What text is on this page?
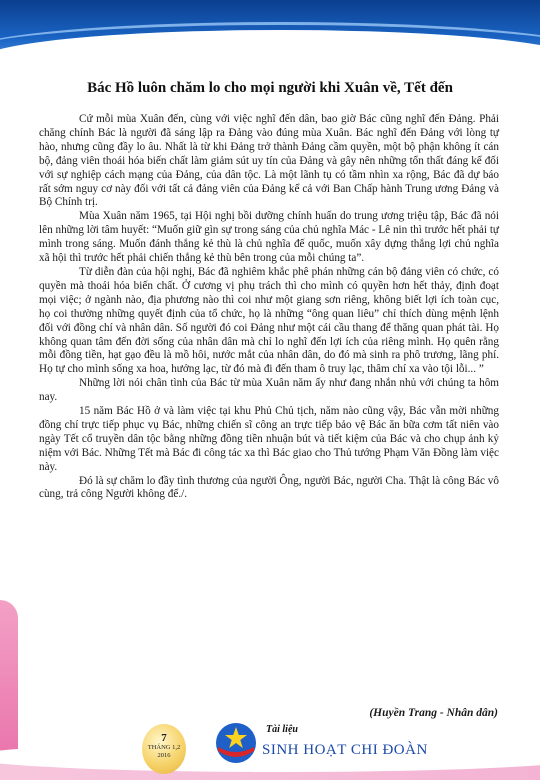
TRUYỀN THỐNG
Bác Hồ luôn chăm lo cho mọi người khi Xuân về, Tết đến

Cứ mỗi mùa Xuân đến, cùng với việc nghĩ đến dân, bao giờ Bác cũng nghĩ đến Đảng. Phải chăng chính Bác là người đã sáng lập ra Đảng vào đúng mùa Xuân. Bác nghĩ đến Đảng với lòng tự hào, nhưng cũng đầy lo âu. Nhất là từ khi Đảng trở thành Đảng cầm quyền, một bộ phận không ít cán bộ, đảng viên thoái hóa biến chất làm giảm sút uy tín của Đảng và gây nên những tổn thất đáng kể đối với sự nghiệp cách mạng của Đảng, của dân tộc. Là một lãnh tụ có tầm nhìn xa rộng, Bác đã dự báo rất sớm nguy cơ này đối với tất cả đảng viên của Đảng kể cả với Ban Chấp hành Trung ương Đảng và Bộ Chính trị.

Mùa Xuân năm 1965, tại Hội nghị bồi dưỡng chính huấn do trung ương triệu tập, Bác đã nói lên những lời tâm huyết: “Muốn giữ gìn sự trong sáng của chủ nghĩa Mác - Lê nin thì trước hết phải tự mình trong sáng. Muốn đánh thắng kẻ thù là chủ nghĩa đế quốc, muốn xây dựng thắng lợi chủ nghĩa xã hội thì trước hết phải chiến thắng kẻ thù bên trong của mỗi chúng ta”.

Từ diễn đàn của hội nghị, Bác đã nghiêm khắc phê phán những cán bộ đảng viên có chức, có quyền mà thoái hóa biến chất. Ở cương vị phụ trách thì cho mình có quyền hơn hết thảy, định đoạt mọi việc; ở ngành nào, địa phương nào thì coi như một giang sơn riêng, không biết lợi ích toàn cục, họ coi thường những quyết định của tổ chức, họ là những “ông quan liêu” chỉ thích dùng mệnh lệnh đối với đồng chí và nhân dân. Số người đó coi Đảng như một cái cầu thang để thăng quan phát tài. Họ không quan tâm đến đời sống của nhân dân mà chỉ lo nghĩ đến lợi ích của riêng mình. Họ quên rằng mỗi đồng tiền, hạt gạo đều là mồ hôi, nước mắt của nhân dân, do đó mà sinh ra phô trương, lãng phí. Họ tự cho mình sống xa hoa, hưởng lạc, từ đó mà đi đến tham ô truy lạc, thâm chí xa vào tội lỗi... ”

Những lời nói chân tình của Bác từ mùa Xuân năm ấy như đang nhắn nhủ với chúng ta hôm nay.

15 năm Bác Hồ ở và làm việc tại khu Phủ Chủ tịch, năm nào cũng vậy, Bác vẫn mời những đồng chí trực tiếp phục vụ Bác, những chiến sĩ công an trực tiếp bảo vệ Bác ăn bữa cơm tất niên vào ngày Tết cổ truyền dân tộc bằng những đồng tiền nhuận bút và tiết kiệm của Bác và cho chụp ảnh kỷ niệm với Bác. Những Tết mà Bác đi công tác xa thì Bác giao cho Thủ tướng Phạm Văn Đồng làm việc này.

Đó là sự chăm lo đầy tình thương của người Ông, người Bác, người Cha. Thật là công Bác vô cùng, trả công Người không để./.

(Huyền Trang - Nhân dân)
7
THÁNG 1,2
2016
Tài liệu
SINH HOẠT CHI ĐOÀN
